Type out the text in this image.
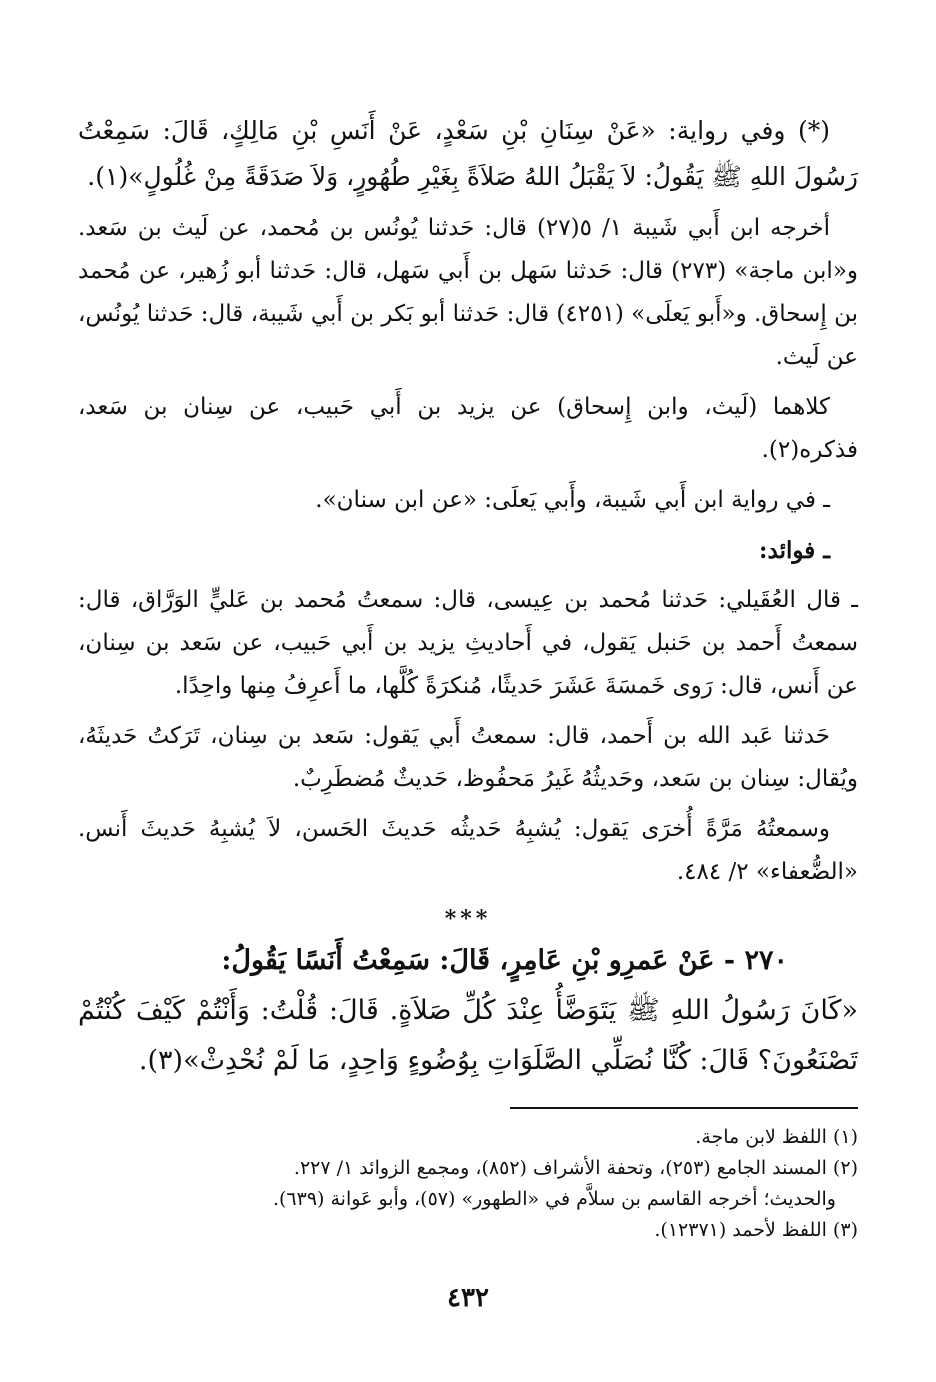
(*) وفي رواية: «عَنْ سِنَانِ بْنِ سَعْدٍ، عَنْ أَنَسِ بْنِ مَالِكٍ، قَالَ: سَمِعْتُ رَسُولَ اللهِ ﷺ يَقُولُ: لاَ يَقْبَلُ اللهُ صَلاَةً بِغَيْرِ طُهُورٍ، وَلاَ صَدَقَةً مِنْ غُلُولٍ»(١).

أخرجه ابن أَبي شَيبة ١/ ٥(٢٧) قال: حَدثنا يُونُس بن مُحمد، عن لَيث بن سَعد. و«ابن ماجة» (٢٧٣) قال: حَدثنا سَهل بن أَبي سَهل، قال: حَدثنا أبو زُهير، عن مُحمد بن إِسحاق. و«أَبو يَعلَى» (٤٢٥١) قال: حَدثنا أبو بَكر بن أَبي شَيبة، قال: حَدثنا يُونُس، عن لَيث.

كلاهما (لَيث، وابن إِسحاق) عن يزيد بن أَبي حَبيب، عن سِنان بن سَعد، فذكره(٢).

ـ في رواية ابن أَبي شَيبة، وأَبي يَعلَى: «عن ابن سنان».

ـ فوائد:

ـ قال العُقَيلي: حَدثنا مُحمد بن عِيسى، قال: سمعتُ مُحمد بن عَليٍّ الوَرَّاق، قال: سمعتُ أَحمد بن حَنبل يَقول، في أَحاديثِ يزيد بن أَبي حَبيب، عن سَعد بن سِنان، عن أَنس، قال: رَوى خَمسَةَ عَشَرَ حَديثًا، مُنكرَةً كُلَّها، ما أَعرِفُ مِنها واحِدًا.

حَدثنا عَبد الله بن أَحمد، قال: سمعتُ أَبي يَقول: سَعد بن سِنان، تَرَكتُ حَديثَهُ، ويُقال: سِنان بن سَعد، وحَديثُهُ غَيرُ مَحفُوظ، حَديثٌ مُضطَرِبٌ.

وسمعتُهُ مَرَّةً أُخرَى يَقول: يُشبِهُ حَديثُه حَديثَ الحَسن، لاَ يُشبِهُ حَديثَ أَنس. «الضُّعفاء» ٢/ ٤٨٤.

***

٢٧٠ - عَنْ عَمرِو بْنِ عَامِرٍ، قَالَ: سَمِعْتُ أَنَسًا يَقُولُ:

«كَانَ رَسُولُ اللهِ ﷺ يَتَوَضَّأُ عِنْدَ كُلِّ صَلاَةٍ. قَالَ: قُلْتُ: وَأَنْتُمْ كَيْفَ كُنْتُمْ تَصْنَعُونَ؟ قَالَ: كُنَّا نُصَلِّي الصَّلَوَاتِ بِوُضُوءٍ وَاحِدٍ، مَا لَمْ نُحْدِثْ»(٣).

(١) اللفظ لابن ماجة.
(٢) المسند الجامع (٢٥٣)، وتحفة الأشراف (٨٥٢)، ومجمع الزوائد ١/ ٢٢٧.
والحديث؛ أخرجه القاسم بن سلاَّم في «الطهور» (٥٧)، وأبو عَوانة (٦٣٩).
(٣) اللفظ لأحمد (١٢٣٧١).
٤٣٢
